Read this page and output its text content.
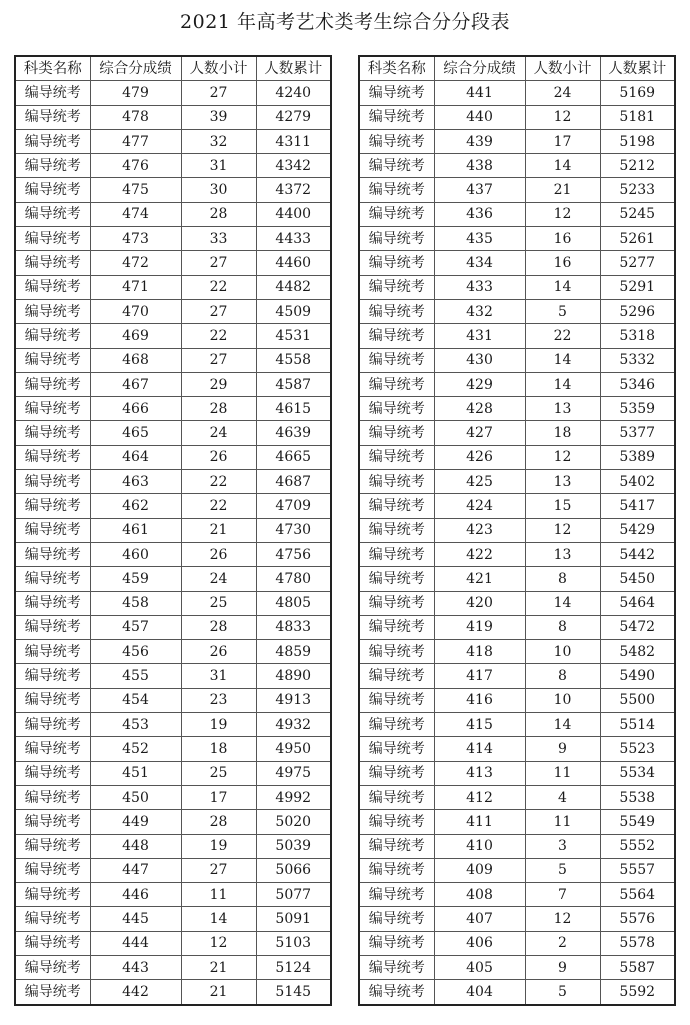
2021 年高考艺术类考生综合分分段表
科类名称	综合分成绩	人数小计	人数累计
编导统考	479	27	4240
编导统考	478	39	4279
编导统考	477	32	4311
编导统考	476	31	4342
编导统考	475	30	4372
编导统考	474	28	4400
编导统考	473	33	4433
编导统考	472	27	4460
编导统考	471	22	4482
编导统考	470	27	4509
编导统考	469	22	4531
编导统考	468	27	4558
编导统考	467	29	4587
编导统考	466	28	4615
编导统考	465	24	4639
编导统考	464	26	4665
编导统考	463	22	4687
编导统考	462	22	4709
编导统考	461	21	4730
编导统考	460	26	4756
编导统考	459	24	4780
编导统考	458	25	4805
编导统考	457	28	4833
编导统考	456	26	4859
编导统考	455	31	4890
编导统考	454	23	4913
编导统考	453	19	4932
编导统考	452	18	4950
编导统考	451	25	4975
编导统考	450	17	4992
编导统考	449	28	5020
编导统考	448	19	5039
编导统考	447	27	5066
编导统考	446	11	5077
编导统考	445	14	5091
编导统考	444	12	5103
编导统考	443	21	5124
编导统考	442	21	5145
科类名称	综合分成绩	人数小计	人数累计
编导统考	441	24	5169
编导统考	440	12	5181
编导统考	439	17	5198
编导统考	438	14	5212
编导统考	437	21	5233
编导统考	436	12	5245
编导统考	435	16	5261
编导统考	434	16	5277
编导统考	433	14	5291
编导统考	432	5	5296
编导统考	431	22	5318
编导统考	430	14	5332
编导统考	429	14	5346
编导统考	428	13	5359
编导统考	427	18	5377
编导统考	426	12	5389
编导统考	425	13	5402
编导统考	424	15	5417
编导统考	423	12	5429
编导统考	422	13	5442
编导统考	421	8	5450
编导统考	420	14	5464
编导统考	419	8	5472
编导统考	418	10	5482
编导统考	417	8	5490
编导统考	416	10	5500
编导统考	415	14	5514
编导统考	414	9	5523
编导统考	413	11	5534
编导统考	412	4	5538
编导统考	411	11	5549
编导统考	410	3	5552
编导统考	409	5	5557
编导统考	408	7	5564
编导统考	407	12	5576
编导统考	406	2	5578
编导统考	405	9	5587
编导统考	404	5	5592
